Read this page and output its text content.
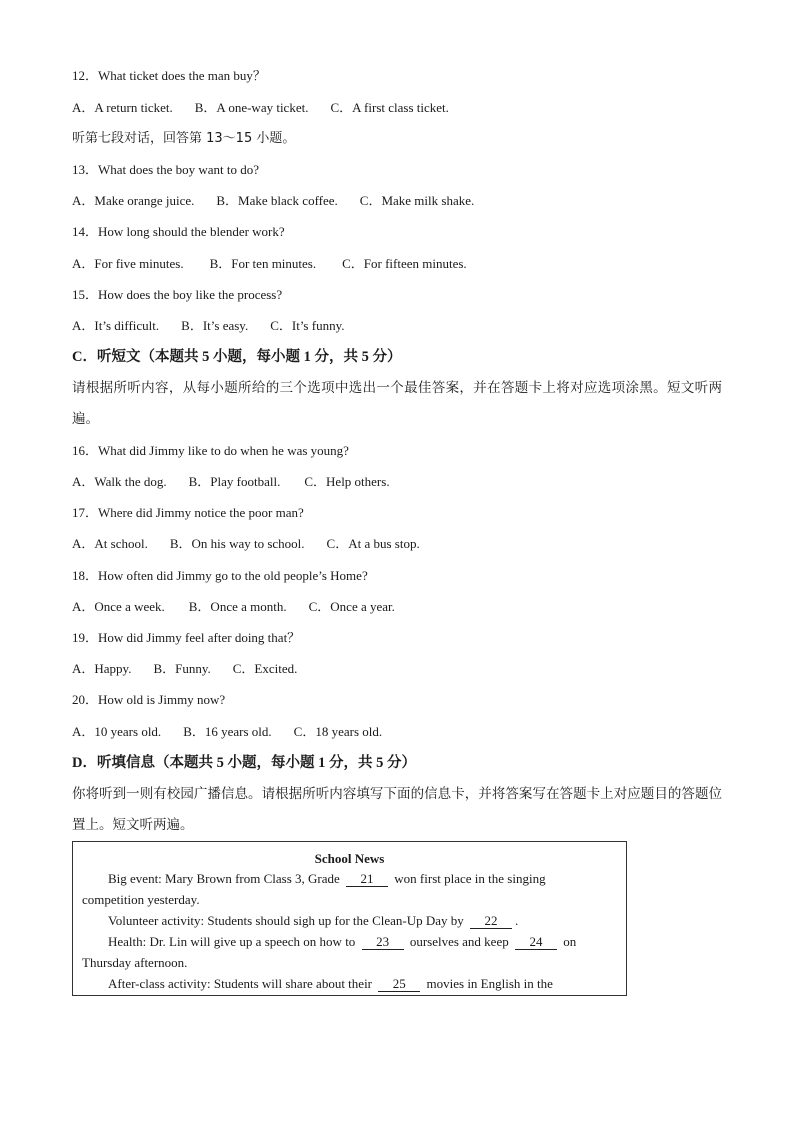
12．What ticket does the man buy？
A．A return ticket. B．A one-way ticket. C．A first class ticket.
听第七段对话，回答第 13～15 小题。
13．What does the boy want to do?
A．Make orange juice. B．Make black coffee. C．Make milk shake.
14．How long should the blender work?
A．For five minutes. B．For ten minutes. C．For fifteen minutes.
15．How does the boy like the process?
A．It’s difficult. B．It’s easy. C．It’s funny.
C．听短文（本题共 5 小题，每小题 1 分，共 5 分）
请根据所听内容，从每小题所给的三个选项中选出一个最佳答案，并在答题卡上将对应选项涂黑。短文听两遍。
16．What did Jimmy like to do when he was young?
A．Walk the dog. B．Play football. C．Help others.
17．Where did Jimmy notice the poor man?
A．At school. B．On his way to school. C．At a bus stop.
18．How often did Jimmy go to the old people’s Home?
A．Once a week. B．Once a month. C．Once a year.
19．How did Jimmy feel after doing that？
A．Happy. B．Funny. C．Excited.
20．How old is Jimmy now?
A．10 years old. B．16 years old. C．18 years old.
D．听填信息（本题共 5 小题，每小题 1 分，共 5 分）
你将听到一则有校园广播信息。请根据所听内容填写下面的信息卡，并将答案写在答题卡上对应题目的答题位置上。短文听两遍。
School News
Big event: Mary Brown from Class 3, Grade 21 won first place in the singing
competition yesterday.
Volunteer activity: Students should sigh up for the Clean-Up Day by 22 .
Health: Dr. Lin will give up a speech on how to 23 ourselves and keep 24 on
Thursday afternoon.
After-class activity: Students will share about their 25 movies in English in the
